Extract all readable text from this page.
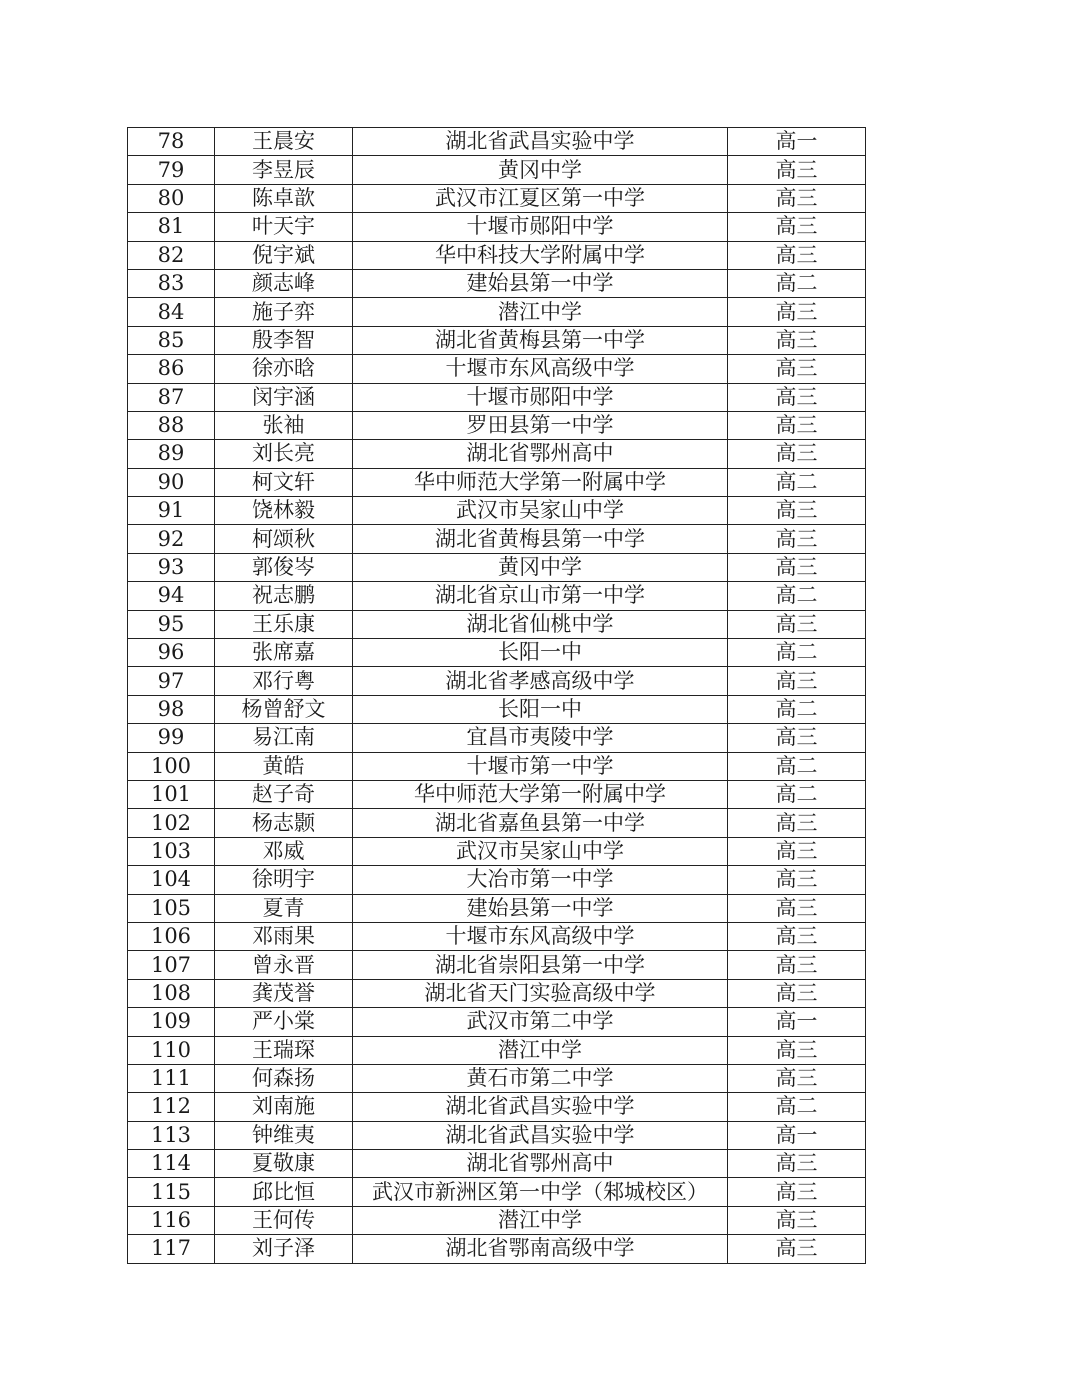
78	王晨安	湖北省武昌实验中学	高一
79	李昱辰	黄冈中学	高三
80	陈卓歆	武汉市江夏区第一中学	高三
81	叶天宇	十堰市郧阳中学	高三
82	倪宇斌	华中科技大学附属中学	高三
83	颜志峰	建始县第一中学	高二
84	施子弈	潜江中学	高三
85	殷李智	湖北省黄梅县第一中学	高三
86	徐亦晗	十堰市东风高级中学	高三
87	闵宇涵	十堰市郧阳中学	高三
88	张袖	罗田县第一中学	高三
89	刘长亮	湖北省鄂州高中	高三
90	柯文轩	华中师范大学第一附属中学	高二
91	饶林毅	武汉市吴家山中学	高三
92	柯颂秋	湖北省黄梅县第一中学	高三
93	郭俊岑	黄冈中学	高三
94	祝志鹏	湖北省京山市第一中学	高二
95	王乐康	湖北省仙桃中学	高三
96	张席嘉	长阳一中	高二
97	邓行粤	湖北省孝感高级中学	高三
98	杨曾舒文	长阳一中	高二
99	易江南	宜昌市夷陵中学	高三
100	黄皓	十堰市第一中学	高二
101	赵子奇	华中师范大学第一附属中学	高二
102	杨志颢	湖北省嘉鱼县第一中学	高三
103	邓威	武汉市吴家山中学	高三
104	徐明宇	大冶市第一中学	高三
105	夏青	建始县第一中学	高三
106	邓雨果	十堰市东风高级中学	高三
107	曾永晋	湖北省崇阳县第一中学	高三
108	龚茂誉	湖北省天门实验高级中学	高三
109	严小棠	武汉市第二中学	高一
110	王瑞琛	潜江中学	高三
111	何森扬	黄石市第二中学	高三
112	刘南施	湖北省武昌实验中学	高二
113	钟维夷	湖北省武昌实验中学	高一
114	夏敬康	湖北省鄂州高中	高三
115	邱比恒	武汉市新洲区第一中学（邾城校区）	高三
116	王何传	潜江中学	高三
117	刘子泽	湖北省鄂南高级中学	高三
